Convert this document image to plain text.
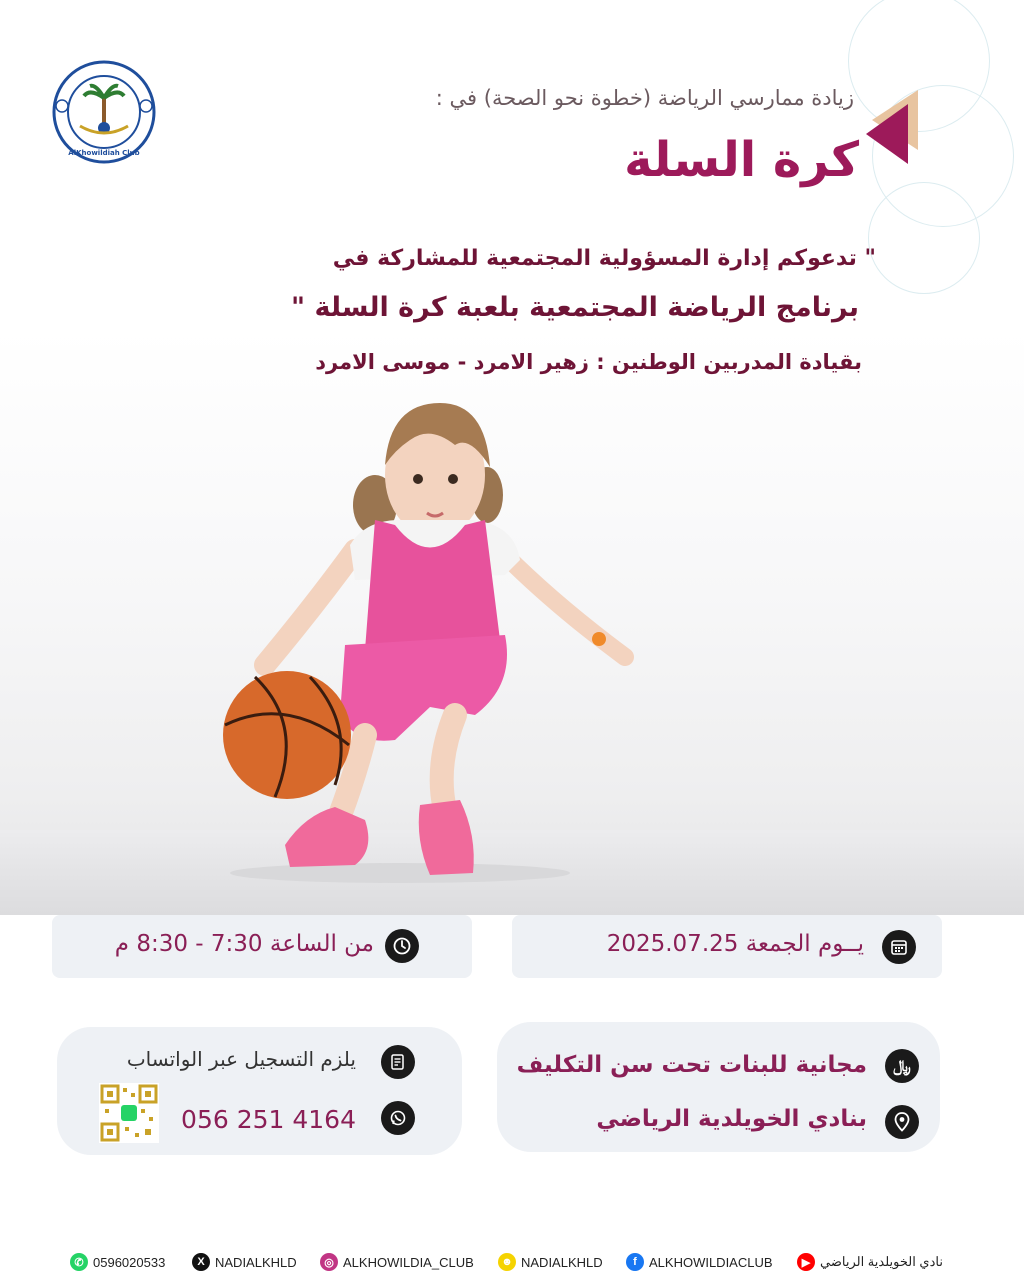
AlKhowildiah Club
زيادة ممارسي الرياضة (خطوة نحو الصحة) في :
كرة السلة
" تدعوكم إدارة المسؤولية المجتمعية للمشاركة في
برنامج الرياضة المجتمعية بلعبة كرة السلة "
بقيادة المدربين الوطنين : زهير الامرد - موسى الامرد
يــوم الجمعة 2025.07.25
من الساعة 7:30 - 8:30 م
مجانية للبنات تحت سن التكليف ﷼
بنادي الخويلدية الرياضي
يلزم التسجيل عبر الواتساب
056 251 4164
✆ 0596020533	X NADIALKHLD	◎ ALKHOWILDIA_CLUB ☻ NADIALKHLD	f ALKHOWILDIACLUB	▶ نادي الخويلدية الرياضي
